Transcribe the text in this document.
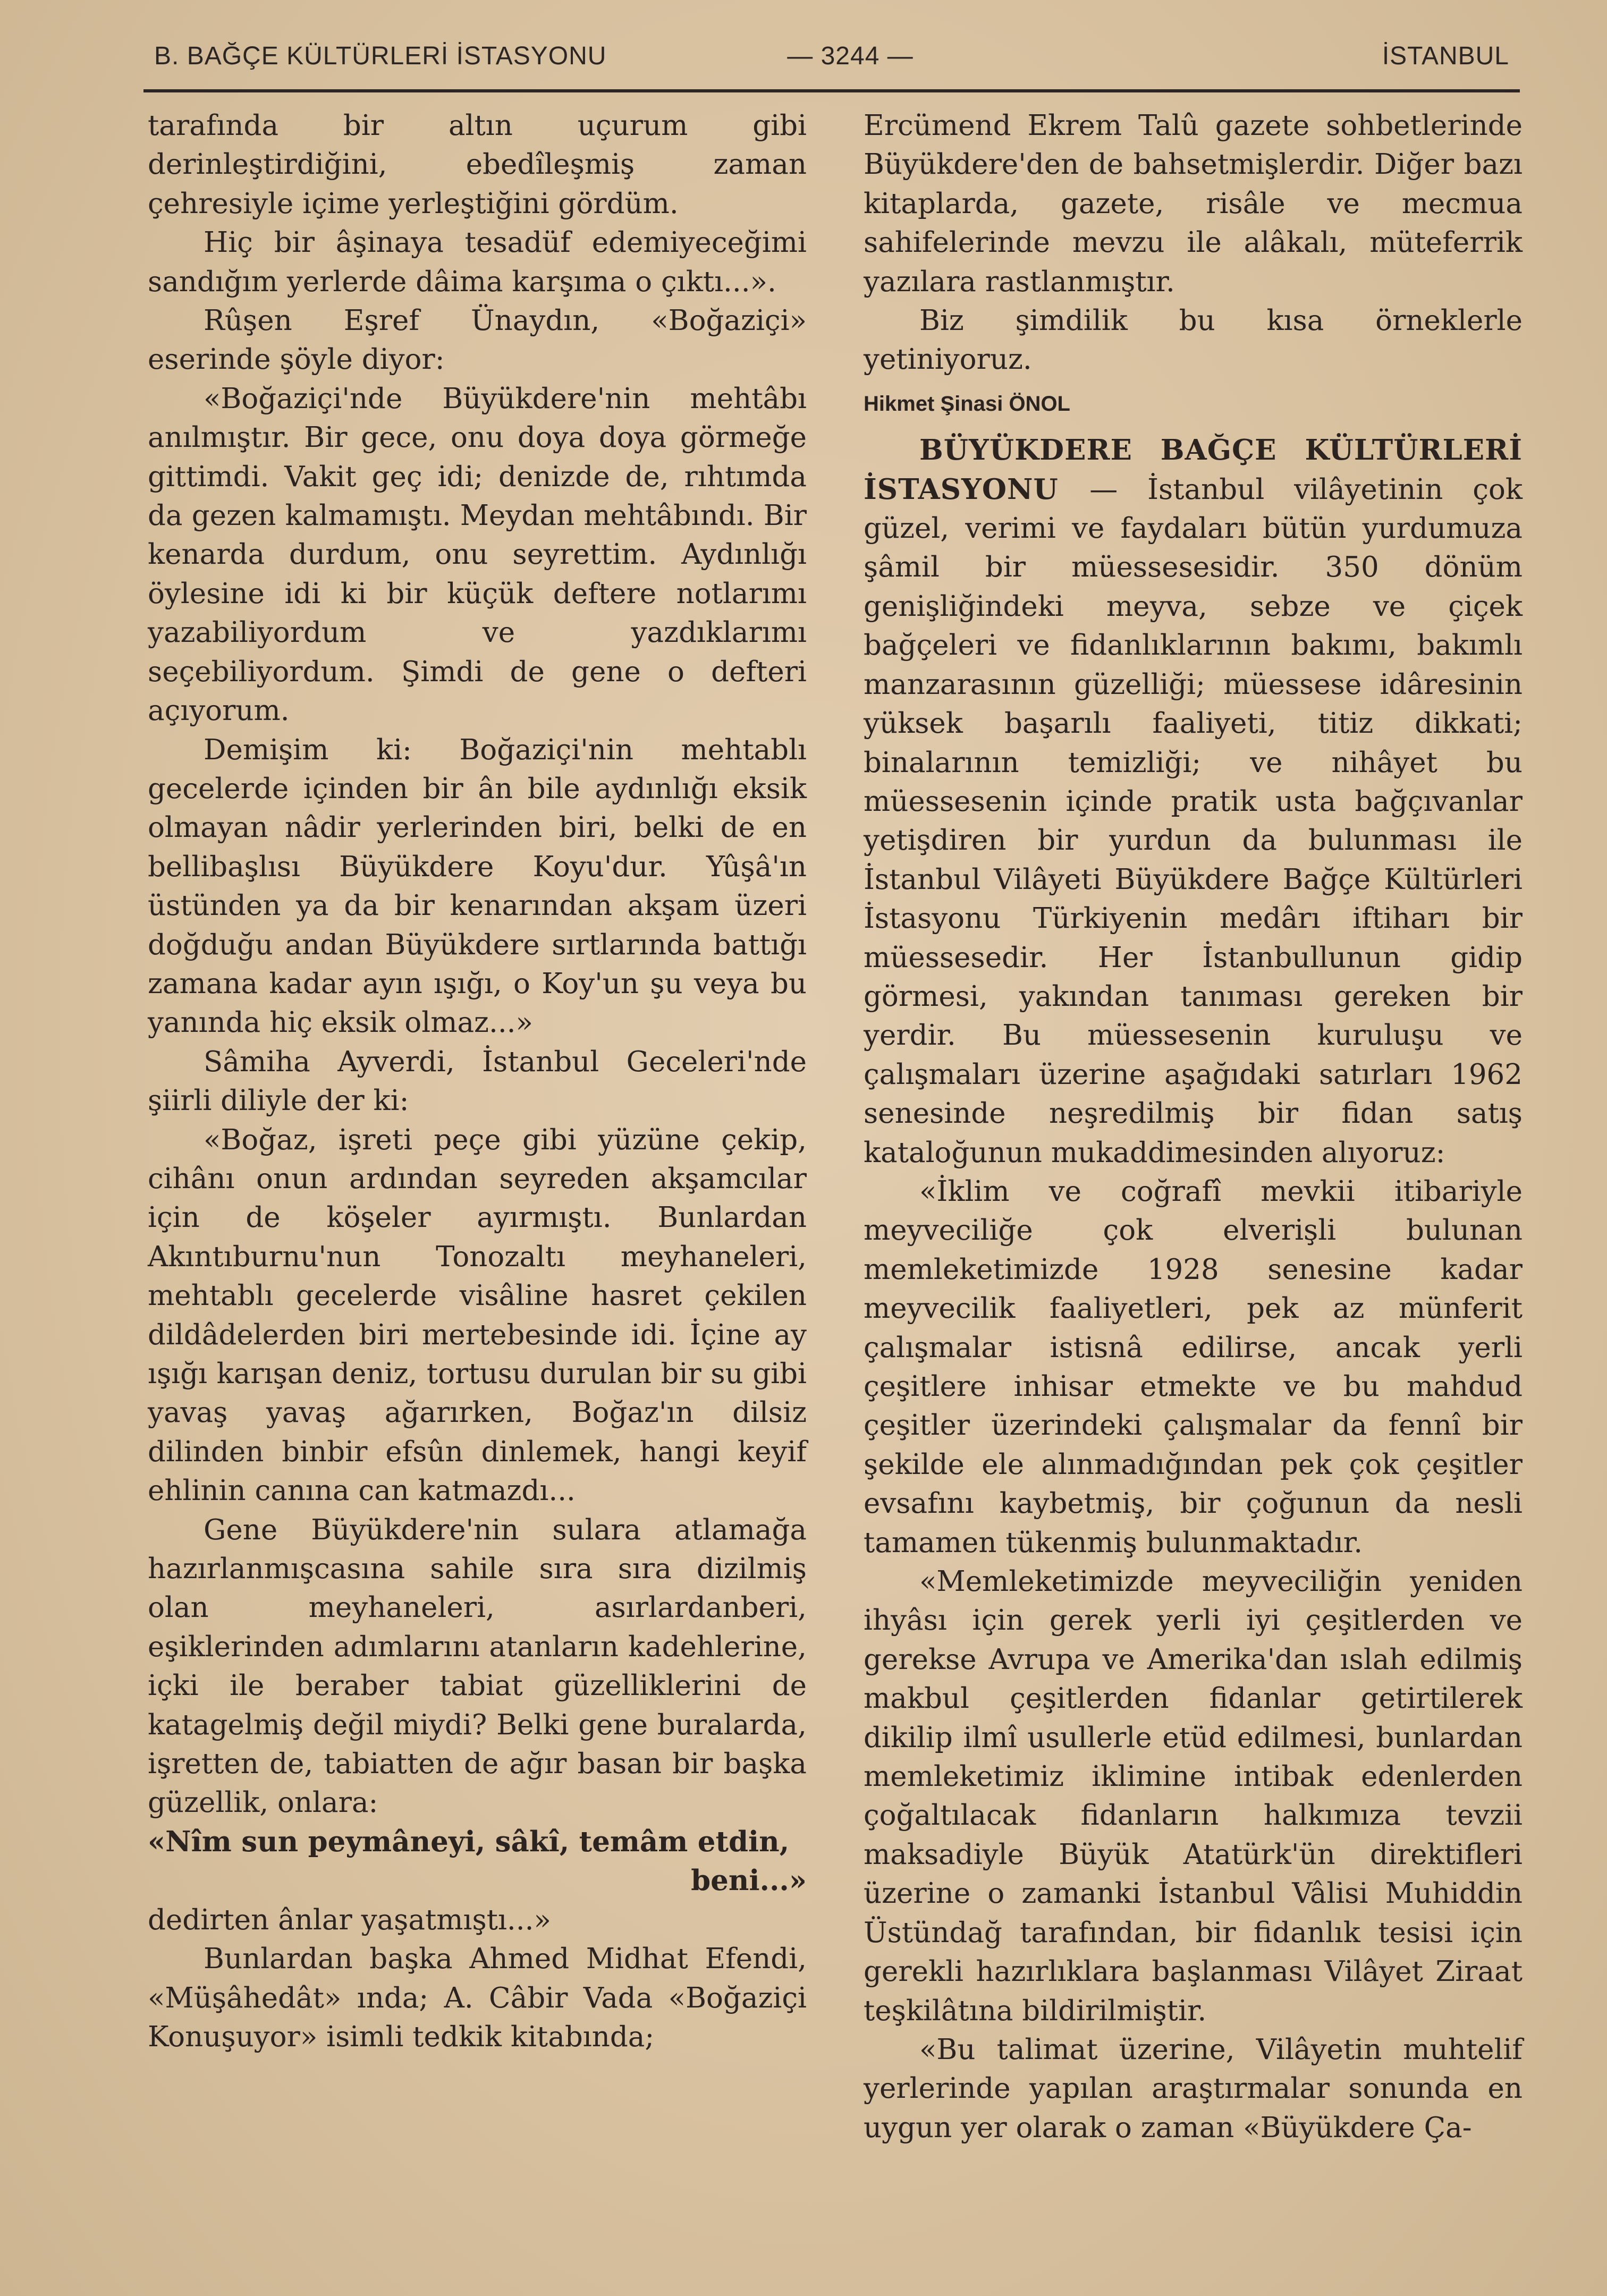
B. BAĞÇE KÜLTÜRLERİ İSTASYONU	— 3244 —	İSTANBUL

tarafında bir altın uçurum gibi derinleştirdiğini, ebedîleşmiş zaman çehresiyle içime yerleştiğini gördüm.

Hiç bir âşinaya tesadüf edemiyeceğimi sandığım yerlerde dâima karşıma o çıktı...».

Rûşen Eşref Ünaydın, «Boğaziçi» eserinde şöyle diyor:

«Boğaziçi'nde Büyükdere'nin mehtâbı anılmıştır. Bir gece, onu doya doya görmeğe gittimdi. Vakit geç idi; denizde de, rıhtımda da gezen kalmamıştı. Meydan mehtâbındı. Bir kenarda durdum, onu seyrettim. Aydınlığı öylesine idi ki bir küçük deftere notlarımı yazabiliyordum ve yazdıklarımı seçebiliyordum. Şimdi de gene o defteri açıyorum.

Demişim ki: Boğaziçi'nin mehtablı gecelerde içinden bir ân bile aydınlığı eksik olmayan nâdir yerlerinden biri, belki de en bellibaşlısı Büyükdere Koyu'dur. Yûşâ'ın üstünden ya da bir kenarından akşam üzeri doğduğu andan Büyükdere sırtlarında battığı zamana kadar ayın ışığı, o Koy'un şu veya bu yanında hiç eksik olmaz...»

Sâmiha Ayverdi, İstanbul Geceleri'nde şiirli diliyle der ki:

«Boğaz, işreti peçe gibi yüzüne çekip, cihânı onun ardından seyreden akşamcılar için de köşeler ayırmıştı. Bunlardan Akıntıburnu'nun Tonozaltı meyhaneleri, mehtablı gecelerde visâline hasret çekilen dildâdelerden biri mertebesinde idi. İçine ay ışığı karışan deniz, tortusu durulan bir su gibi yavaş yavaş ağarırken, Boğaz'ın dilsiz dilinden binbir efsûn dinlemek, hangi keyif ehlinin canına can katmazdı...

Gene Büyükdere'nin sulara atlamağa hazırlanmışcasına sahile sıra sıra dizilmiş olan meyhaneleri, asırlardanberi, eşiklerinden adımlarını atanların kadehlerine, içki ile beraber tabiat güzelliklerini de katagelmiş değil miydi? Belki gene buralarda, işretten de, tabiatten de ağır basan bir başka güzellik, onlara:

«Nîm sun peymâneyi, sâkî, temâm etdin,
beni...»

dedirten ânlar yaşatmıştı...»

Bunlardan başka Ahmed Midhat Efendi, «Müşâhedât» ında; A. Câbir Vada «Boğaziçi Konuşuyor» isimli tedkik kitabında;

Ercümend Ekrem Talû gazete sohbetlerinde Büyükdere'den de bahsetmişlerdir. Diğer bazı kitaplarda, gazete, risâle ve mecmua sahifelerinde mevzu ile alâkalı, müteferrik yazılara rastlanmıştır.

Biz şimdilik bu kısa örneklerle yetiniyoruz.

Hikmet Şinasi ÖNOL

BÜYÜKDERE BAĞÇE KÜLTÜRLERİ İSTASYONU — İstanbul vilâyetinin çok güzel, verimi ve faydaları bütün yurdumuza şâmil bir müessesesidir. 350 dönüm genişliğindeki meyva, sebze ve çiçek bağçeleri ve fidanlıklarının bakımı, bakımlı manzarasının güzelliği; müessese idâresinin yüksek başarılı faaliyeti, titiz dikkati; binalarının temizliği; ve nihâyet bu müessesenin içinde pratik usta bağçıvanlar yetişdiren bir yurdun da bulunması ile İstanbul Vilâyeti Büyükdere Bağçe Kültürleri İstasyonu Türkiyenin medârı iftiharı bir müessesedir. Her İstanbullunun gidip görmesi, yakından tanıması gereken bir yerdir. Bu müessesenin kuruluşu ve çalışmaları üzerine aşağıdaki satırları 1962 senesinde neşredilmiş bir fidan satış kataloğunun mukaddimesinden alıyoruz:

«İklim ve coğrafî mevkii itibariyle meyveciliğe çok elverişli bulunan memleketimizde 1928 senesine kadar meyvecilik faaliyetleri, pek az münferit çalışmalar istisnâ edilirse, ancak yerli çeşitlere inhisar etmekte ve bu mahdud çeşitler üzerindeki çalışmalar da fennî bir şekilde ele alınmadığından pek çok çeşitler evsafını kaybetmiş, bir çoğunun da nesli tamamen tükenmiş bulunmaktadır.

«Memleketimizde meyveciliğin yeniden ihyâsı için gerek yerli iyi çeşitlerden ve gerekse Avrupa ve Amerika'dan ıslah edilmiş makbul çeşitlerden fidanlar getirtilerek dikilip ilmî usullerle etüd edilmesi, bunlardan memleketimiz iklimine intibak edenlerden çoğaltılacak fidanların halkımıza tevzii maksadiyle Büyük Atatürk'ün direktifleri üzerine o zamanki İstanbul Vâlisi Muhiddin Üstündağ tarafından, bir fidanlık tesisi için gerekli hazırlıklara başlanması Vilâyet Ziraat teşkilâtına bildirilmiştir.

«Bu talimat üzerine, Vilâyetin muhtelif yerlerinde yapılan araştırmalar sonunda en uygun yer olarak o zaman «Büyükdere Ça-
